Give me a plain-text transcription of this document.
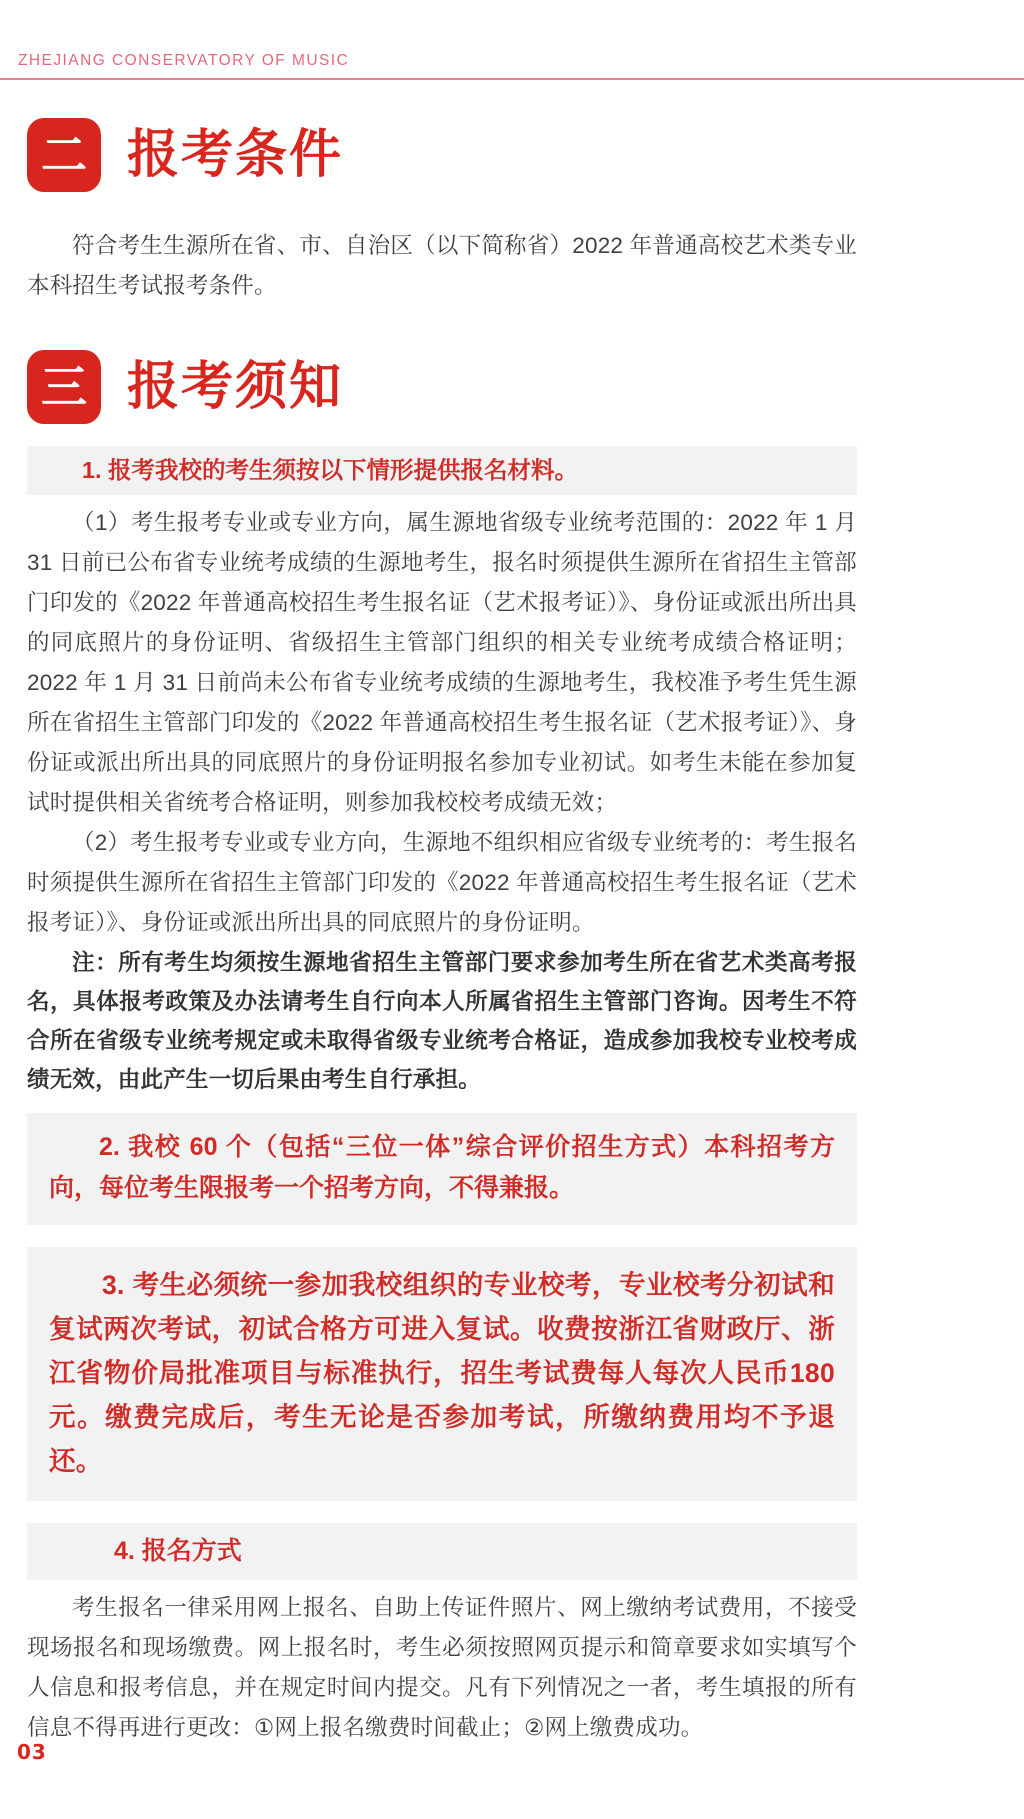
ZHEJIANG CONSERVATORY OF MUSIC
二 报考条件

符合考生生源所在省、市、自治区（以下简称省）2022 年普通高校艺术类专业本科招生考试报考条件。

三 报考须知
1. 报考我校的考生须按以下情形提供报名材料。

（1）考生报考专业或专业方向，属生源地省级专业统考范围的：2022 年 1 月 31 日前已公布省专业统考成绩的生源地考生，报名时须提供生源所在省招生主管部门印发的《2022 年普通高校招生考生报名证（艺术报考证）》、身份证或派出所出具的同底照片的身份证明、省级招生主管部门组织的相关专业统考成绩合格证明；2022 年 1 月 31 日前尚未公布省专业统考成绩的生源地考生，我校准予考生凭生源所在省招生主管部门印发的《2022 年普通高校招生考生报名证（艺术报考证）》、身份证或派出所出具的同底照片的身份证明报名参加专业初试。如考生未能在参加复试时提供相关省统考合格证明，则参加我校校考成绩无效；

（2）考生报考专业或专业方向，生源地不组织相应省级专业统考的：考生报名时须提供生源所在省招生主管部门印发的《2022 年普通高校招生考生报名证（艺术报考证）》、身份证或派出所出具的同底照片的身份证明。

注：所有考生均须按生源地省招生主管部门要求参加考生所在省艺术类高考报名，具体报考政策及办法请考生自行向本人所属省招生主管部门咨询。因考生不符合所在省级专业统考规定或未取得省级专业统考合格证，造成参加我校专业校考成绩无效，由此产生一切后果由考生自行承担。

2. 我校 60 个（包括“三位一体”综合评价招生方式）本科招考方向，每位考生限报考一个招考方向，不得兼报。
3. 考生必须统一参加我校组织的专业校考，专业校考分初试和复试两次考试，初试合格方可进入复试。收费按浙江省财政厅、浙江省物价局批准项目与标准执行，招生考试费每人每次人民币180元。缴费完成后，考生无论是否参加考试，所缴纳费用均不予退还。
4. 报名方式

考生报名一律采用网上报名、自助上传证件照片、网上缴纳考试费用，不接受现场报名和现场缴费。网上报名时，考生必须按照网页提示和简章要求如实填写个人信息和报考信息，并在规定时间内提交。凡有下列情况之一者，考生填报的所有信息不得再进行更改：①网上报名缴费时间截止；②网上缴费成功。

03
